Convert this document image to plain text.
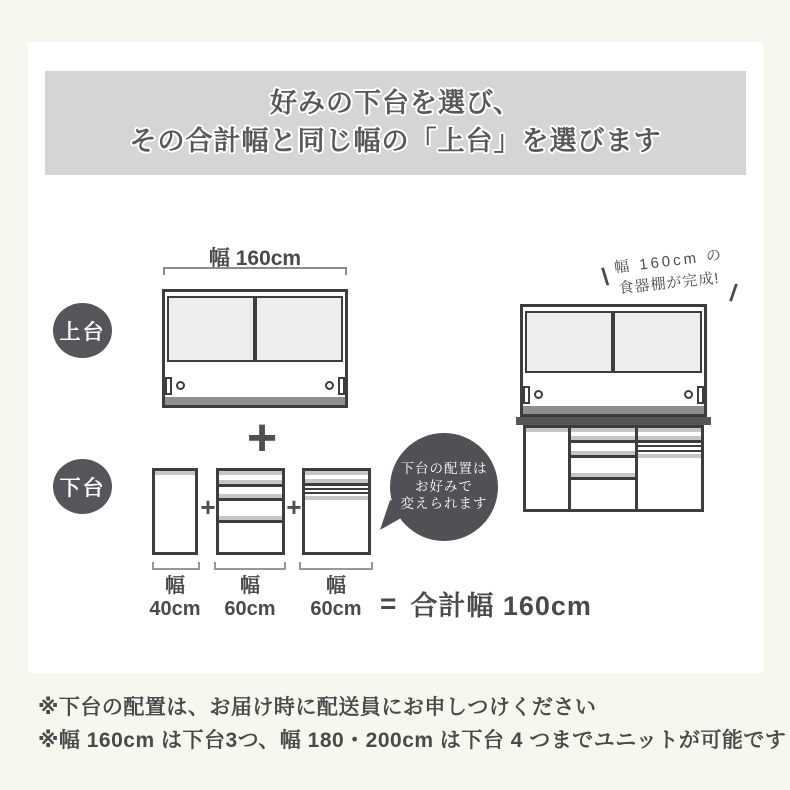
好みの下台を選び、
その合計幅と同じ幅の「上台」を選びます
上台
下台
幅 160cm
+
+	+
幅
40cm
幅
60cm
幅
60cm = 合計幅 160cm
下台の配置は
お好みで
変えられます
\
幅 160cm の
食器棚が完成! /
※下台の配置は、お届け時に配送員にお申しつけください
※幅 160cm は下台3つ、幅 180・200cm は下台 4 つまでユニットが可能です
